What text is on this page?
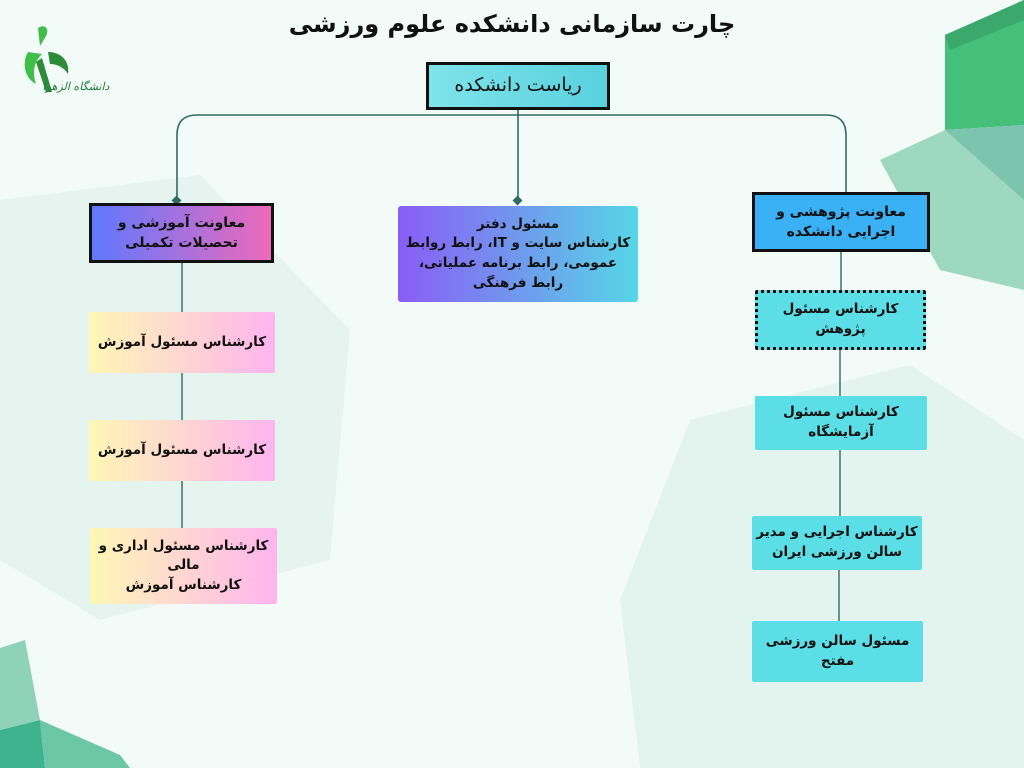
دانشگاه الزهرا
چارت سازمانی دانشکده علوم ورزشی
ریاست دانشکده
معاونت آموزشی و تحصیلات تکمیلی
کارشناس مسئول آموزش
کارشناس مسئول آموزش
کارشناس مسئول اداری و مالی
کارشناس آموزش
مسئول دفتر
کارشناس سایت و IT، رابط روابط عمومی، رابط برنامه عملیاتی، رابط فرهنگی
معاونت پژوهشی و اجرایی دانشکده
کارشناس مسئول پژوهش
کارشناس مسئول آزمایشگاه
کارشناس اجرایی و مدیر سالن ورزشی ایران
مسئول سالن ورزشی مفتح
